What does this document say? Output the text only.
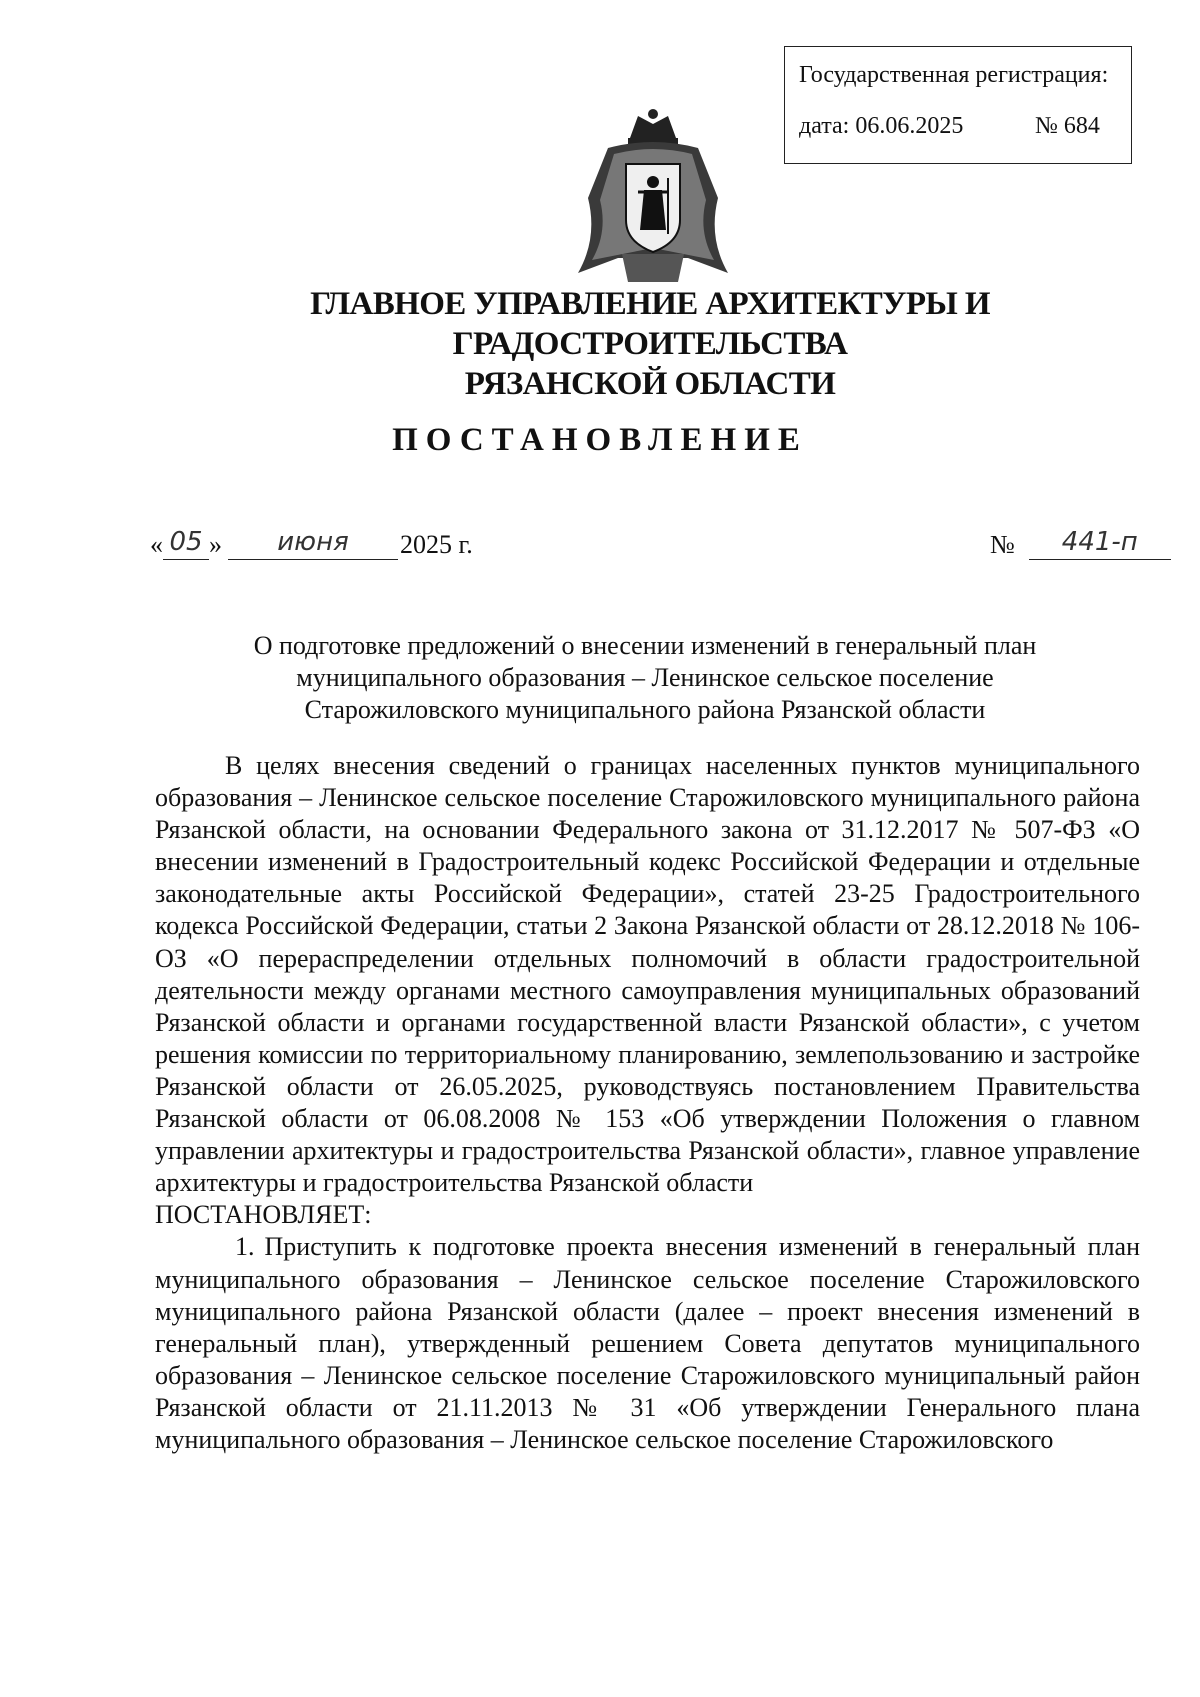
Государственная регистрация:
дата: 06.06.2025	№ 684
ГЛАВНОЕ УПРАВЛЕНИЕ АРХИТЕКТУРЫ И ГРАДОСТРОИТЕЛЬСТВА
РЯЗАНСКОЙ ОБЛАСТИ
ПОСТАНОВЛЕНИЕ
« 05 »	июня	2025 г.	№	441-п
О подготовке предложений о внесении изменений в генеральный план
муниципального образования – Ленинское сельское поселение
Старожиловского муниципального района Рязанской области

В целях внесения сведений о границах населенных пунктов муниципального образования – Ленинское сельское поселение Старожиловского муниципального района Рязанской области, на основании Федерального закона от 31.12.2017 № 507-ФЗ «О внесении изменений в Градостроительный кодекс Российской Федерации и отдельные законодательные акты Российской Федерации», статей 23-25 Градостроительного кодекса Российской Федерации, статьи 2 Закона Рязанской области от 28.12.2018 № 106-ОЗ «О перераспределении отдельных полномочий в области градостроительной деятельности между органами местного самоуправления муниципальных образований Рязанской области и органами государственной власти Рязанской области», с учетом решения комиссии по территориальному планированию, землепользованию и застройке Рязанской области от 26.05.2025, руководствуясь постановлением Правительства Рязанской области от 06.08.2008 № 153 «Об утверждении Положения о главном управлении архитектуры и градостроительства Рязанской области», главное управление архитектуры и градостроительства Рязанской области

ПОСТАНОВЛЯЕТ:

1. Приступить к подготовке проекта внесения изменений в генеральный план муниципального образования – Ленинское сельское поселение Старожиловского муниципального района Рязанской области (далее – проект внесения изменений в генеральный план), утвержденный решением Совета депутатов муниципального образования – Ленинское сельское поселение Старожиловского муниципальный район Рязанской области от 21.11.2013 № 31 «Об утверждении Генерального плана муниципального образования – Ленинское сельское поселение Старожиловского
